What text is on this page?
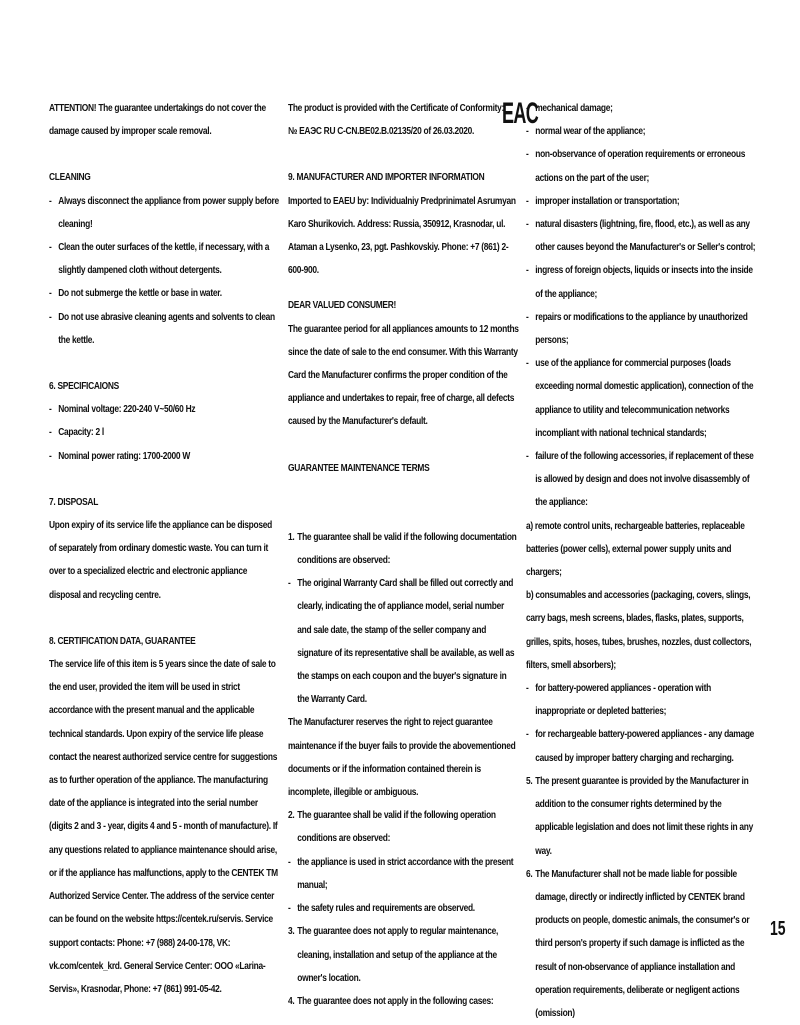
EAC

ATTENTION! The guarantee undertakings do not cover the damage caused by improper scale removal.

CLEANING

- Always disconnect the appliance from power supply before cleaning!

- Clean the outer surfaces of the kettle, if necessary, with a slightly dampened cloth without detergents.

- Do not submerge the kettle or base in water.

- Do not use abrasive cleaning agents and solvents to clean the kettle.

6. SPECIFICAIONS

- Nominal voltage: 220-240 V~50/60 Hz

- Capacity: 2 l

- Nominal power rating: 1700-2000 W

7. DISPOSAL

Upon expiry of its service life the appliance can be disposed of separately from ordinary domestic waste. You can turn it over to a specialized electric and electronic appliance disposal and recycling centre.

8. CERTIFICATION DATA, GUARANTEE

The service life of this item is 5 years since the date of sale to the end user, provided the item will be used in strict accordance with the present manual and the applicable technical standards. Upon expiry of the service life please contact the nearest authorized service centre for suggestions as to further operation of the appliance. The manufacturing date of the appliance is integrated into the serial number (digits 2 and 3 - year, digits 4 and 5 - month of manufacture). If any questions related to appliance maintenance should arise, or if the appliance has malfunctions, apply to the CENTEK TM Authorized Service Center. The address of the service center can be found on the website https://centek.ru/servis. Service support contacts: Phone: +7 (988) 24-00-178, VK: vk.com/centek_krd. General Service Center: OOO «Larina-Servis», Krasnodar, Phone: +7 (861) 991-05-42.

The product is provided with the Certificate of Conformity:

№ EAЭС RU C-CN.BE02.B.02135/20 of 26.03.2020.

9. MANUFACTURER AND IMPORTER INFORMATION

Imported to EAEU by: Individualniy Predprinimatel Asrumyan Karo Shurikovich. Address: Russia, 350912, Krasnodar, ul. Ataman a Lysenko, 23, pgt. Pashkovskiy. Phone: +7 (861) 2-600-900.

DEAR VALUED CONSUMER!

The guarantee period for all appliances amounts to 12 months since the date of sale to the end consumer. With this Warranty Card the Manufacturer confirms the proper condition of the appliance and undertakes to repair, free of charge, all defects caused by the Manufacturer's default.

GUARANTEE MAINTENANCE TERMS

1. The guarantee shall be valid if the following documentation conditions are observed:

- The original Warranty Card shall be filled out correctly and clearly, indicating the of appliance model, serial number and sale date, the stamp of the seller company and signature of its representative shall be available, as well as the stamps on each coupon and the buyer's signature in the Warranty Card.

The Manufacturer reserves the right to reject guarantee maintenance if the buyer fails to provide the abovementioned documents or if the information contained therein is incomplete, illegible or ambiguous.

2. The guarantee shall be valid if the following operation conditions are observed:

- the appliance is used in strict accordance with the present manual;

- the safety rules and requirements are observed.

3. The guarantee does not apply to regular maintenance, cleaning, installation and setup of the appliance at the owner's location.

4. The guarantee does not apply in the following cases:

- mechanical damage;

- normal wear of the appliance;

- non-observance of operation requirements or erroneous actions on the part of the user;

- improper installation or transportation;

- natural disasters (lightning, fire, flood, etc.), as well as any other causes beyond the Manufacturer's or Seller's control;

- ingress of foreign objects, liquids or insects into the inside of the appliance;

- repairs or modifications to the appliance by unauthorized persons;

- use of the appliance for commercial purposes (loads exceeding normal domestic application), connection of the appliance to utility and telecommunication networks incompliant with national technical standards;

- failure of the following accessories, if replacement of these is allowed by design and does not involve disassembly of the appliance:

a) remote control units, rechargeable batteries, replaceable batteries (power cells), external power supply units and chargers;

b) consumables and accessories (packaging, covers, slings, carry bags, mesh screens, blades, flasks, plates, supports, grilles, spits, hoses, tubes, brushes, nozzles, dust collectors, filters, smell absorbers);

- for battery-powered appliances - operation with inappropriate or depleted batteries;

- for rechargeable battery-powered appliances - any damage caused by improper battery charging and recharging.

5. The present guarantee is provided by the Manufacturer in addition to the consumer rights determined by the applicable legislation and does not limit these rights in any way.

6. The Manufacturer shall not be made liable for possible damage, directly or indirectly inflicted by CENTEK brand products on people, domestic animals, the consumer's or third person's property if such damage is inflicted as the result of non-observance of appliance installation and operation requirements, deliberate or negligent actions (omission)

15
